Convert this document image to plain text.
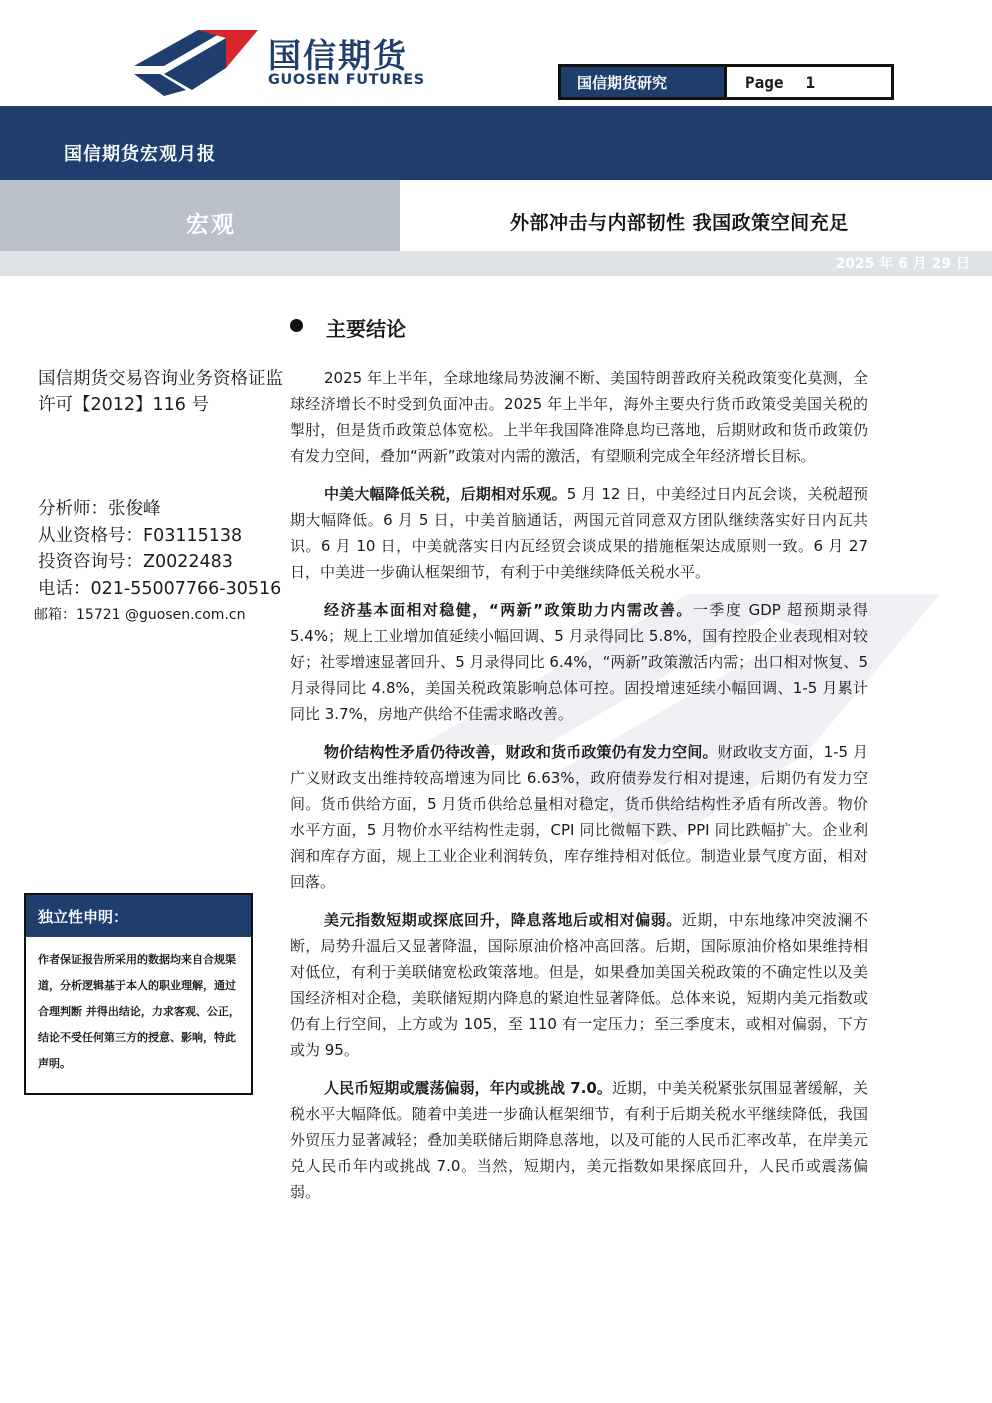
国信期货
GUOSEN FUTURES	国信期货研究	Page 1
国信期货宏观月报
宏观	外部冲击与内部韧性 我国政策空间充足
2025 年 6 月 29 日
主要结论
国信期货交易咨询业务资格证监许可【2012】116 号
分析师：张俊峰
从业资格号：F03115138
投资咨询号：Z0022483
电话：021-55007766-30516
邮箱：15721 @guosen.com.cn
独立性申明：
作者保证报告所采用的数据均来自合规渠道，分析逻辑基于本人的职业理解，通过合理判断 并得出结论，力求客观、公正，结论不受任何第三方的授意、影响，特此声明。

2025 年上半年，全球地缘局势波澜不断、美国特朗普政府关税政策变化莫测，全球经济增长不时受到负面冲击。2025 年上半年，海外主要央行货币政策受美国关税的掣肘，但是货币政策总体宽松。上半年我国降准降息均已落地，后期财政和货币政策仍有发力空间，叠加“两新”政策对内需的激活，有望顺利完成全年经济增长目标。

中美大幅降低关税，后期相对乐观。5 月 12 日，中美经过日内瓦会谈，关税超预期大幅降低。6 月 5 日，中美首脑通话，两国元首同意双方团队继续落实好日内瓦共识。6 月 10 日，中美就落实日内瓦经贸会谈成果的措施框架达成原则一致。6 月 27 日，中美进一步确认框架细节，有利于中美继续降低关税水平。

经济基本面相对稳健，“两新”政策助力内需改善。一季度 GDP 超预期录得 5.4%；规上工业增加值延续小幅回调、5 月录得同比 5.8%，国有控股企业表现相对较好；社零增速显著回升、5 月录得同比 6.4%，“两新”政策激活内需；出口相对恢复、5 月录得同比 4.8%，美国关税政策影响总体可控。固投增速延续小幅回调、1-5 月累计同比 3.7%，房地产供给不佳需求略改善。

物价结构性矛盾仍待改善，财政和货币政策仍有发力空间。财政收支方面，1-5 月广义财政支出维持较高增速为同比 6.63%，政府债券发行相对提速，后期仍有发力空间。货币供给方面，5 月货币供给总量相对稳定，货币供给结构性矛盾有所改善。物价水平方面，5 月物价水平结构性走弱，CPI 同比微幅下跌、PPI 同比跌幅扩大。企业利润和库存方面，规上工业企业利润转负，库存维持相对低位。制造业景气度方面，相对回落。

美元指数短期或探底回升，降息落地后或相对偏弱。近期，中东地缘冲突波澜不断，局势升温后又显著降温，国际原油价格冲高回落。后期，国际原油价格如果维持相对低位，有利于美联储宽松政策落地。但是，如果叠加美国关税政策的不确定性以及美国经济相对企稳，美联储短期内降息的紧迫性显著降低。总体来说，短期内美元指数或仍有上行空间，上方或为 105，至 110 有一定压力；至三季度末，或相对偏弱，下方或为 95。

人民币短期或震荡偏弱，年内或挑战 7.0。近期，中美关税紧张氛围显著缓解，关税水平大幅降低。随着中美进一步确认框架细节，有利于后期关税水平继续降低，我国外贸压力显著减轻；叠加美联储后期降息落地，以及可能的人民币汇率改革，在岸美元兑人民币年内或挑战 7.0。当然，短期内，美元指数如果探底回升，人民币或震荡偏弱。
